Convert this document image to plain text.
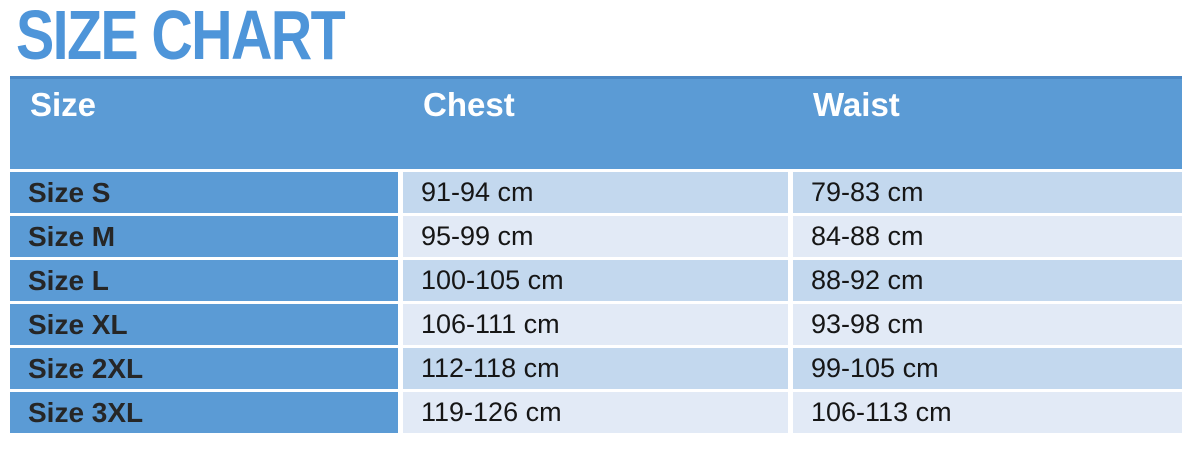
SIZE CHART
Size	Chest	Waist
Size S	91-94 cm	79-83 cm
Size M	95-99 cm	84-88 cm
Size L	100-105 cm	88-92 cm
Size XL	106-111 cm	93-98 cm
Size 2XL	112-118 cm	99-105 cm
Size 3XL	119-126 cm	106-113 cm
